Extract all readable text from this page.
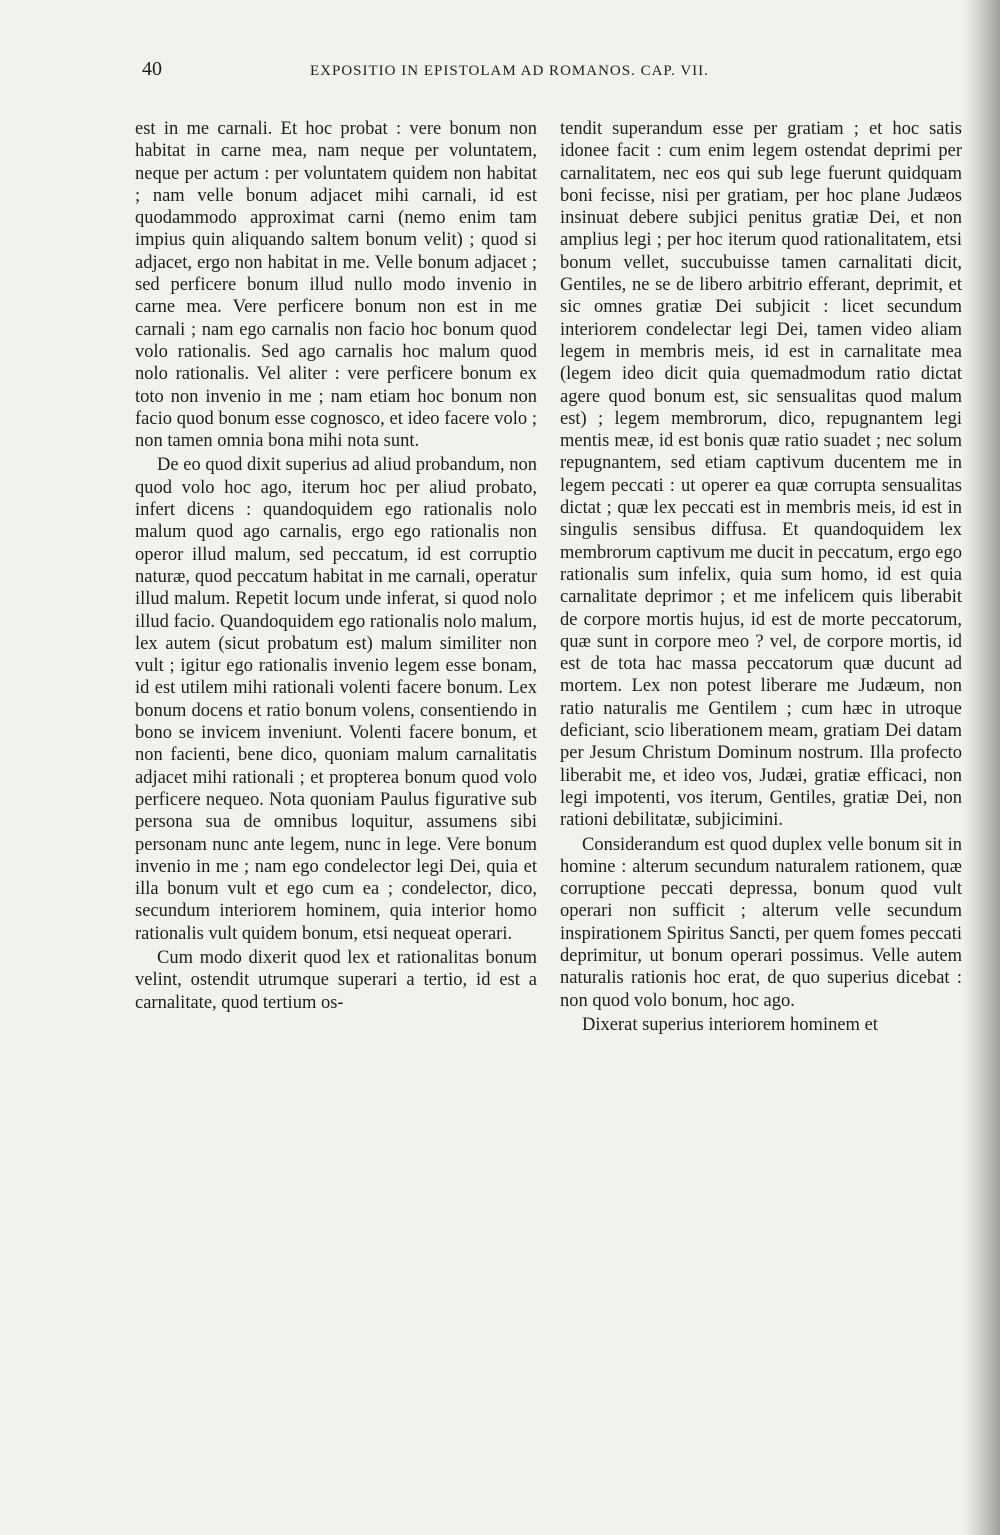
40	EXPOSITIO IN EPISTOLAM AD ROMANOS. CAP. VII.

est in me carnali. Et hoc probat : vere bonum non habitat in carne mea, nam neque per voluntatem, neque per actum : per voluntatem quidem non habitat ; nam velle bonum adjacet mihi carnali, id est quodammodo approximat carni (nemo enim tam impius quin aliquando saltem bonum velit) ; quod si adjacet, ergo non habitat in me. Velle bonum adjacet ; sed perficere bonum illud nullo modo invenio in carne mea. Vere perficere bonum non est in me carnali ; nam ego carnalis non facio hoc bonum quod volo rationalis. Sed ago carnalis hoc malum quod nolo rationalis. Vel aliter : vere perficere bonum ex toto non invenio in me ; nam etiam hoc bonum non facio quod bonum esse cognosco, et ideo facere volo ; non tamen omnia bona mihi nota sunt.

De eo quod dixit superius ad aliud probandum, non quod volo hoc ago, iterum hoc per aliud probato, infert dicens : quandoquidem ego rationalis nolo malum quod ago carnalis, ergo ego rationalis non operor illud malum, sed peccatum, id est corruptio naturæ, quod peccatum habitat in me carnali, operatur illud malum. Repetit locum unde inferat, si quod nolo illud facio. Quandoquidem ego rationalis nolo malum, lex autem (sicut probatum est) malum similiter non vult ; igitur ego rationalis invenio legem esse bonam, id est utilem mihi rationali volenti facere bonum. Lex bonum docens et ratio bonum volens, consentiendo in bono se invicem inveniunt. Volenti facere bonum, et non facienti, bene dico, quoniam malum carnalitatis adjacet mihi rationali ; et propterea bonum quod volo perficere nequeo. Nota quoniam Paulus figurative sub persona sua de omnibus loquitur, assumens sibi personam nunc ante legem, nunc in lege. Vere bonum invenio in me ; nam ego condelector legi Dei, quia et illa bonum vult et ego cum ea ; condelector, dico, secundum interiorem hominem, quia interior homo rationalis vult quidem bonum, etsi nequeat operari.

Cum modo dixerit quod lex et rationalitas bonum velint, ostendit utrumque superari a tertio, id est a carnalitate, quod tertium os-

tendit superandum esse per gratiam ; et hoc satis idonee facit : cum enim legem ostendat deprimi per carnalitatem, nec eos qui sub lege fuerunt quidquam boni fecisse, nisi per gratiam, per hoc plane Judæos insinuat debere subjici penitus gratiæ Dei, et non amplius legi ; per hoc iterum quod rationalitatem, etsi bonum vellet, succubuisse tamen carnalitati dicit, Gentiles, ne se de libero arbitrio efferant, deprimit, et sic omnes gratiæ Dei subjicit : licet secundum interiorem condelectar legi Dei, tamen video aliam legem in membris meis, id est in carnalitate mea (legem ideo dicit quia quemadmodum ratio dictat agere quod bonum est, sic sensualitas quod malum est) ; legem membrorum, dico, repugnantem legi mentis meæ, id est bonis quæ ratio suadet ; nec solum repugnantem, sed etiam captivum ducentem me in legem peccati : ut operer ea quæ corrupta sensualitas dictat ; quæ lex peccati est in membris meis, id est in singulis sensibus diffusa. Et quandoquidem lex membrorum captivum me ducit in peccatum, ergo ego rationalis sum infelix, quia sum homo, id est quia carnalitate deprimor ; et me infelicem quis liberabit de corpore mortis hujus, id est de morte peccatorum, quæ sunt in corpore meo ? vel, de corpore mortis, id est de tota hac massa peccatorum quæ ducunt ad mortem. Lex non potest liberare me Judæum, non ratio naturalis me Gentilem ; cum hæc in utroque deficiant, scio liberationem meam, gratiam Dei datam per Jesum Christum Dominum nostrum. Illa profecto liberabit me, et ideo vos, Judæi, gratiæ efficaci, non legi impotenti, vos iterum, Gentiles, gratiæ Dei, non rationi debilitatæ, subjicimini.

Considerandum est quod duplex velle bonum sit in homine : alterum secundum naturalem rationem, quæ corruptione peccati depressa, bonum quod vult operari non sufficit ; alterum velle secundum inspirationem Spiritus Sancti, per quem fomes peccati deprimitur, ut bonum operari possimus. Velle autem naturalis rationis hoc erat, de quo superius dicebat : non quod volo bonum, hoc ago.

Dixerat superius interiorem hominem et
